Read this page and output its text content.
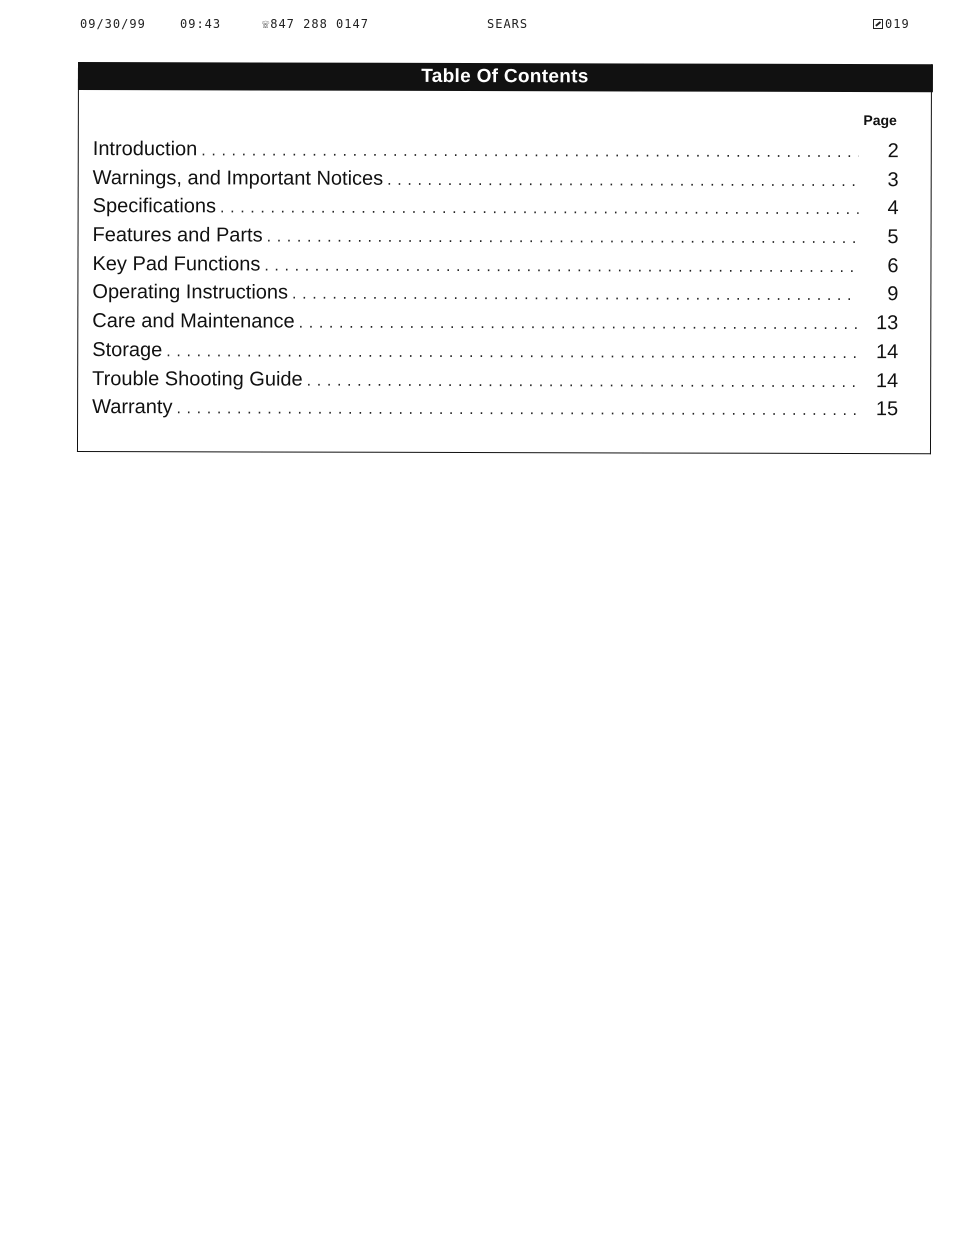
09/30/99	09:43	☏847 288 0147	SEARS	019
Table Of Contents
Page
Introduction . . .	2
Warnings, and Important Notices . . .	3
Specifications . . .	4
Features and Parts . . .	5
Key Pad Functions . . .	6
Operating Instructions . . .	9
Care and Maintenance . . .	13
Storage . . .	14
Trouble Shooting Guide . . .	14
Warranty . . .	15
